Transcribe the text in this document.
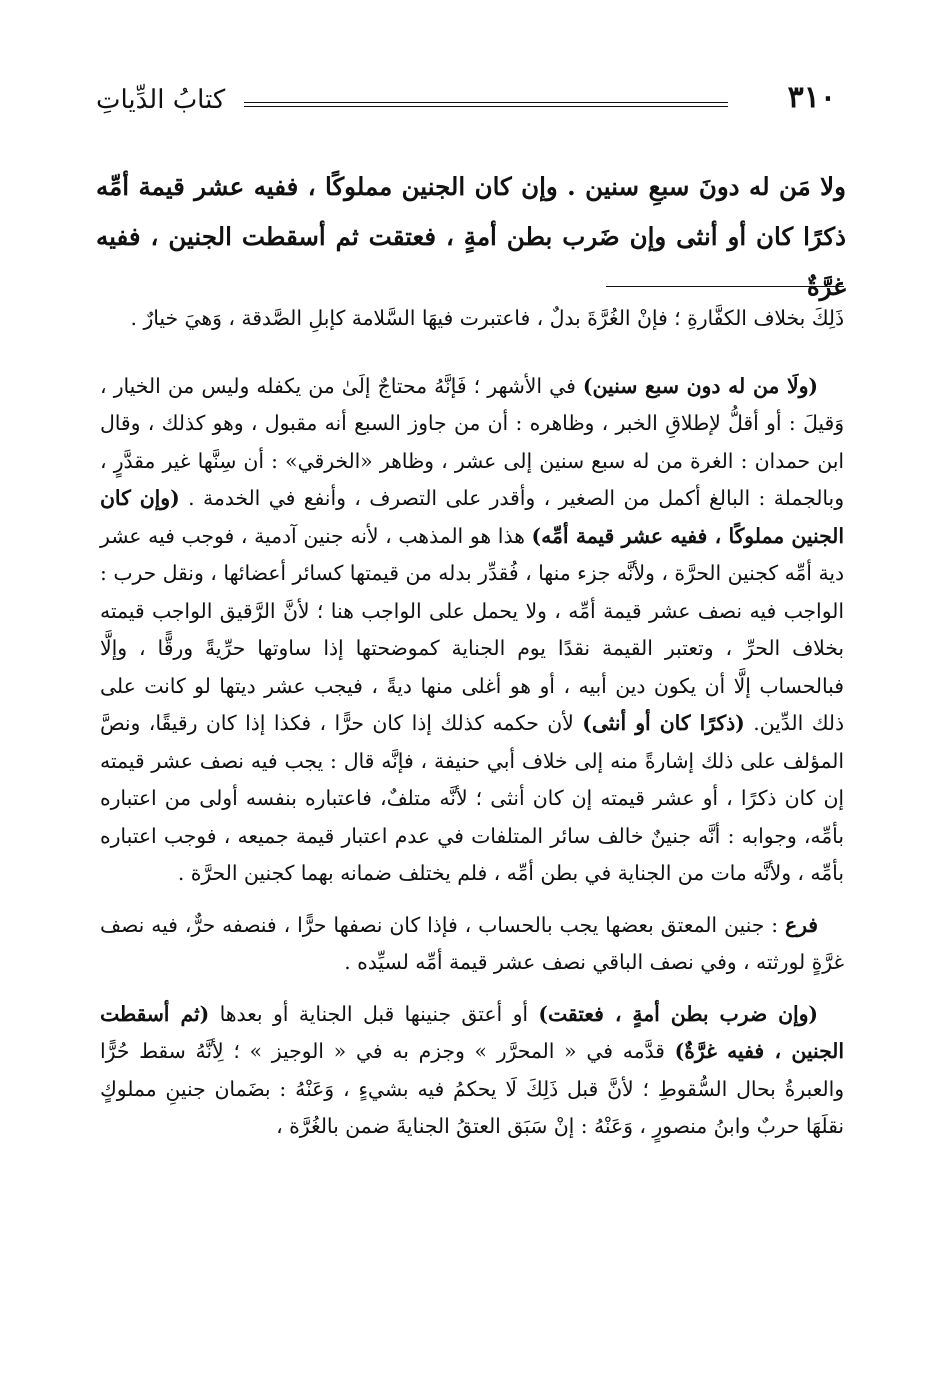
٣١٠
كتابُ الدِّياتِ

ولا مَن له دونَ سبعِ سنين . وإن كان الجنين مملوكًا ، ففيه عشر قيمة أمِّه ذكرًا كان أو أنثى وإن ضَرب بطن أمةٍ ، فعتقت ثم أسقطت الجنين ، ففيه غرَّةٌ

ذَلِكَ بخلاف الكفَّارةِ ؛ فإنْ الغُرَّةَ بدلٌ ، فاعتبرت فيهَا السَّلامة كإبلِ الصَّدقة ، وَهيَ خيارٌ .

(ولَا من له دون سبع سنين) في الأشهر ؛ فَإنَّهُ محتاجٌ إلَىٰ من يكفله وليس من الخيار ، وَقيلَ : أو أقلُّ لإطلاقِ الخبر ، وظاهره : أن من جاوز السبع أنه مقبول ، وهو كذلك ، وقال ابن حمدان : الغرة من له سبع سنين إلى عشر ، وظاهر «الخرقي» : أن سِنَّها غير مقدَّرٍ ، وبالجملة : البالغ أكمل من الصغير ، وأقدر على التصرف ، وأنفع في الخدمة . (وإن كان الجنين مملوكًا ، ففيه عشر قيمة أمِّه) هذا هو المذهب ، لأنه جنين آدمية ، فوجب فيه عشر دية أمِّه كجنين الحرَّة ، ولأنَّه جزء منها ، فُقدِّر بدله من قيمتها كسائر أعضائها ، ونقل حرب : الواجب فيه نصف عشر قيمة أمِّه ، ولا يحمل على الواجب هنا ؛ لأنَّ الرَّقيق الواجب قيمته بخلاف الحرِّ ، وتعتبر القيمة نقدًا يوم الجناية كموضحتها إذا ساوتها حرِّيةً ورقًّا ، وإلَّا فبالحساب إلَّا أن يكون دين أبيه ، أو هو أغلى منها ديةً ، فيجب عشر ديتها لو كانت على ذلك الدِّين. (ذكرًا كان أو أنثى) لأن حكمه كذلك إذا كان حرًّا ، فكذا إذا كان رقيقًا، ونصَّ المؤلف على ذلك إشارةً منه إلى خلاف أبي حنيفة ، فإنَّه قال : يجب فيه نصف عشر قيمته إن كان ذكرًا ، أو عشر قيمته إن كان أنثى ؛ لأنَّه متلفٌ، فاعتباره بنفسه أولى من اعتباره بأمِّه، وجوابه : أنَّه جنينٌ خالف سائر المتلفات في عدم اعتبار قيمة جميعه ، فوجب اعتباره بأمِّه ، ولأنَّه مات من الجناية في بطن أمِّه ، فلم يختلف ضمانه بهما كجنين الحرَّة .

فرع : جنين المعتق بعضها يجب بالحساب ، فإذا كان نصفها حرًّا ، فنصفه حرٌّ، فيه نصف غرَّةٍ لورثته ، وفي نصف الباقي نصف عشر قيمة أمِّه لسيِّده .

(وإن ضرب بطن أمةٍ ، فعتقت) أو أعتق جنينها قبل الجناية أو بعدها (ثم أسقطت الجنين ، ففيه غرَّةٌ) قدَّمه في « المحرَّر » وجزم به في « الوجيز » ؛ لِأنَّهُ سقط حُرًّا والعبرةُ بحال السُّقوطِ ؛ لأنَّ قبل ذَلِكَ لَا يحكمُ فيه بشيءٍ ، وَعَنْهُ : بضَمان جنينِ مملوكٍ نقلَهَا حربٌ وابنُ منصورٍ ، وَعَنْهُ : إنْ سَبَق العتقُ الجنايةَ ضمن بالغُرَّة ،
